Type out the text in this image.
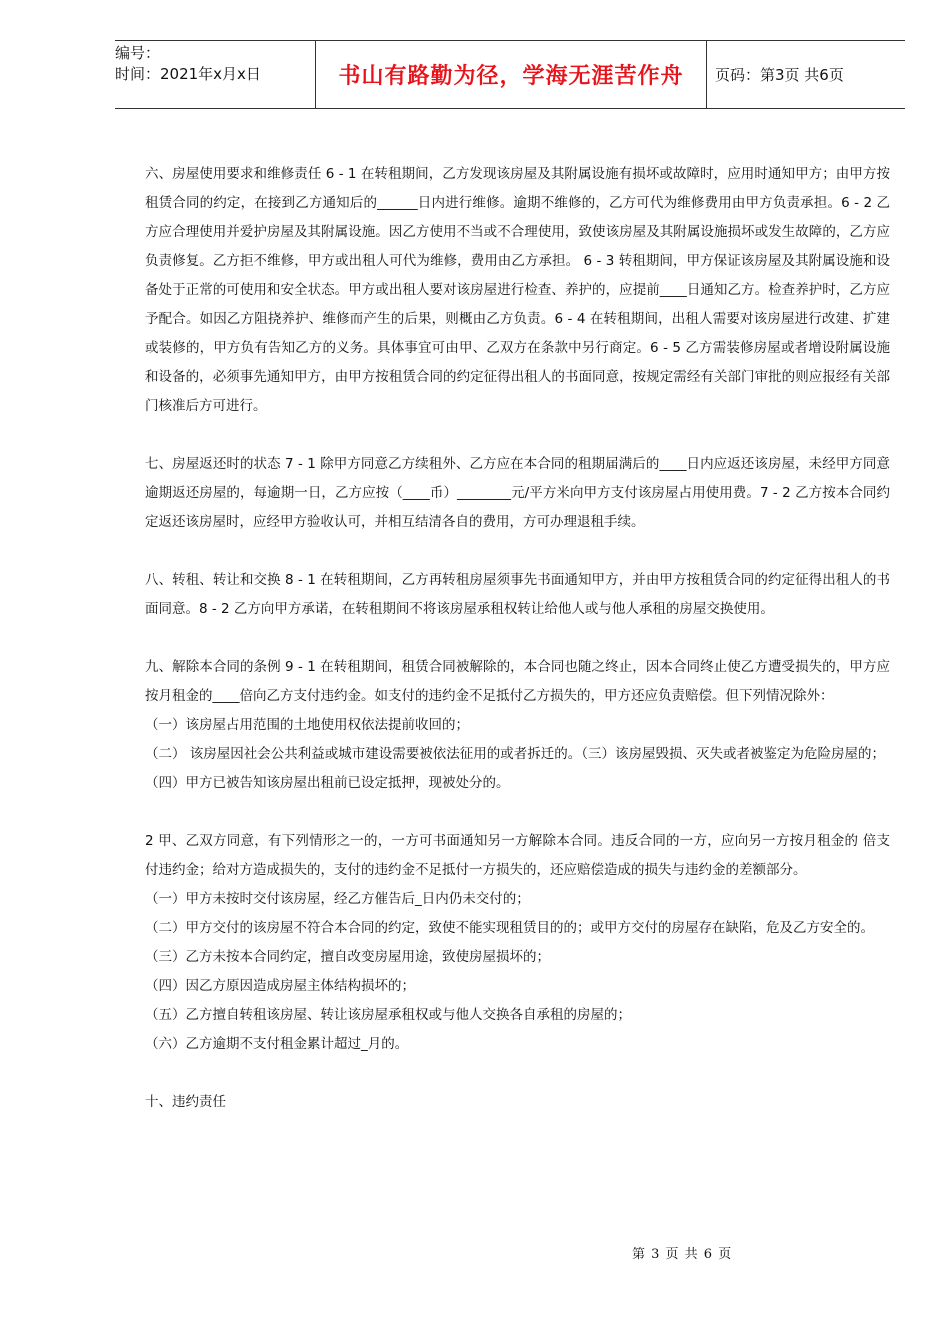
编号：
时间：2021年x月x日	书山有路勤为径，学海无涯苦作舟	页码：第3页 共6页

六、房屋使用要求和维修责任 6 - 1 在转租期间，乙方发现该房屋及其附属设施有损坏或故障时，应用时通知甲方；由甲方按租赁合同的约定，在接到乙方通知后的______日内进行维修。逾期不维修的，乙方可代为维修费用由甲方负责承担。6 - 2 乙方应合理使用并爱护房屋及其附属设施。因乙方使用不当或不合理使用，致使该房屋及其附属设施损坏或发生故障的，乙方应负责修复。乙方拒不维修，甲方或出租人可代为维修，费用由乙方承担。 6 - 3 转租期间，甲方保证该房屋及其附属设施和设备处于正常的可使用和安全状态。甲方或出租人要对该房屋进行检查、养护的，应提前____日通知乙方。检查养护时，乙方应予配合。如因乙方阻挠养护、维修而产生的后果，则概由乙方负责。6 - 4 在转租期间，出租人需要对该房屋进行改建、扩建或装修的，甲方负有告知乙方的义务。具体事宜可由甲、乙双方在条款中另行商定。6 - 5 乙方需装修房屋或者增设附属设施和设备的，必须事先通知甲方，由甲方按租赁合同的约定征得出租人的书面同意，按规定需经有关部门审批的则应报经有关部门核准后方可进行。

七、房屋返还时的状态 7 - 1 除甲方同意乙方续租外、乙方应在本合同的租期届满后的____日内应返还该房屋，未经甲方同意逾期返还房屋的，每逾期一日，乙方应按（____币）________元/平方米向甲方支付该房屋占用使用费。7 - 2 乙方按本合同约定返还该房屋时，应经甲方验收认可，并相互结清各自的费用，方可办理退租手续。

八、转租、转让和交换 8 - 1 在转租期间，乙方再转租房屋须事先书面通知甲方，并由甲方按租赁合同的约定征得出租人的书面同意。8 - 2 乙方向甲方承诺，在转租期间不将该房屋承租权转让给他人或与他人承租的房屋交换使用。

九、解除本合同的条例 9 - 1 在转租期间，租赁合同被解除的，本合同也随之终止，因本合同终止使乙方遭受损失的，甲方应按月租金的____倍向乙方支付违约金。如支付的违约金不足抵付乙方损失的，甲方还应负责赔偿。但下列情况除外：

（一）该房屋占用范围的土地使用权依法提前收回的；

（二） 该房屋因社会公共利益或城市建设需要被依法征用的或者拆迁的。（三）该房屋毁损、灭失或者被鉴定为危险房屋的；

（四）甲方已被告知该房屋出租前已设定抵押，现被处分的。

2 甲、乙双方同意，有下列情形之一的，一方可书面通知另一方解除本合同。违反合同的一方，应向另一方按月租金的 倍支付违约金；给对方造成损失的，支付的违约金不足抵付一方损失的，还应赔偿造成的损失与违约金的差额部分。

（一）甲方未按时交付该房屋，经乙方催告后_日内仍未交付的；

（二）甲方交付的该房屋不符合本合同的约定，致使不能实现租赁目的的；或甲方交付的房屋存在缺陷，危及乙方安全的。

（三）乙方未按本合同约定，擅自改变房屋用途，致使房屋损坏的；

（四）因乙方原因造成房屋主体结构损坏的；

（五）乙方擅自转租该房屋、转让该房屋承租权或与他人交换各自承租的房屋的；

（六）乙方逾期不支付租金累计超过_月的。

十、违约责任

第 3 页 共 6 页
